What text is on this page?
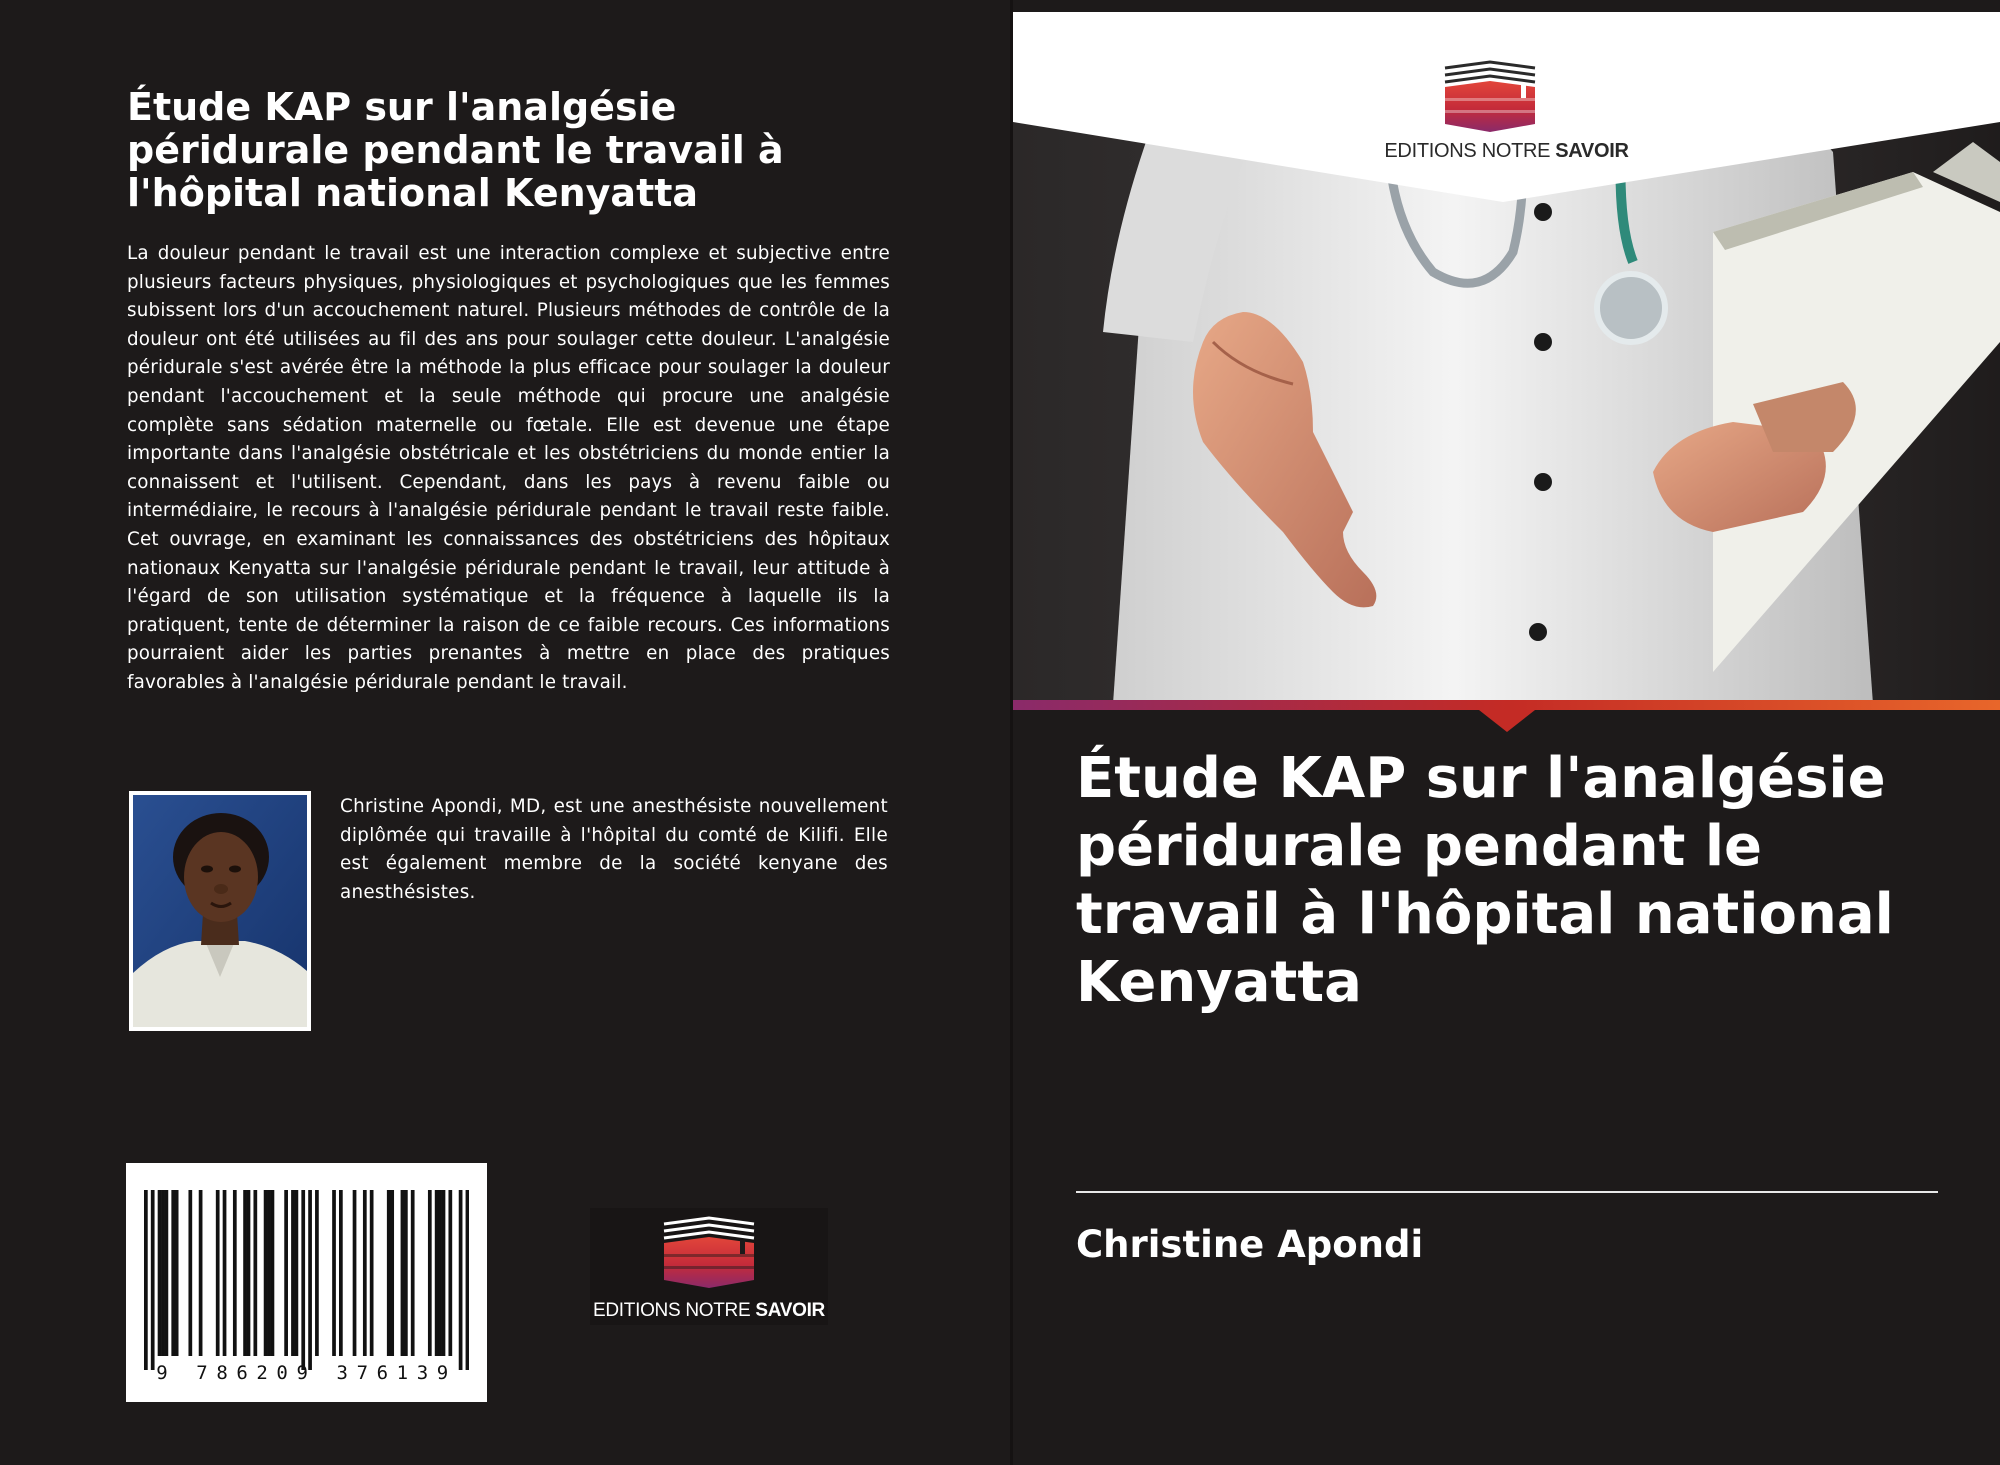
Étude KAP sur l'analgésie péridurale pendant le travail à l'hôpital national Kenyatta

La douleur pendant le travail est une interaction complexe et subjective entre plusieurs facteurs physiques, physiologiques et psychologiques que les femmes subissent lors d'un accouchement naturel. Plusieurs méthodes de contrôle de la douleur ont été utilisées au fil des ans pour soulager cette douleur. L'analgésie péridurale s'est avérée être la méthode la plus efficace pour soulager la douleur pendant l'accouchement et la seule méthode qui procure une analgésie complète sans sédation maternelle ou fœtale. Elle est devenue une étape importante dans l'analgésie obstétricale et les obstétriciens du monde entier la connaissent et l'utilisent. Cependant, dans les pays à revenu faible ou intermédiaire, le recours à l'analgésie péridurale pendant le travail reste faible. Cet ouvrage, en examinant les connaissances des obstétriciens des hôpitaux nationaux Kenyatta sur l'analgésie péridurale pendant le travail, leur attitude à l'égard de son utilisation systématique et la fréquence à laquelle ils la pratiquent, tente de déterminer la raison de ce faible recours. Ces informations pourraient aider les parties prenantes à mettre en place des pratiques favorables à l'analgésie péridurale pendant le travail.

Christine Apondi, MD, est une anesthésiste nouvellement diplômée qui travaille à l'hôpital du comté de Kilifi. Elle est également membre de la société kenyane des anesthésistes.

9 786209 376139
EDITIONS NOTRE SAVOIR
EDITIONS NOTRE SAVOIR
Étude KAP sur l'analgésie péridurale pendant le travail à l'hôpital national Kenyatta

Christine Apondi
